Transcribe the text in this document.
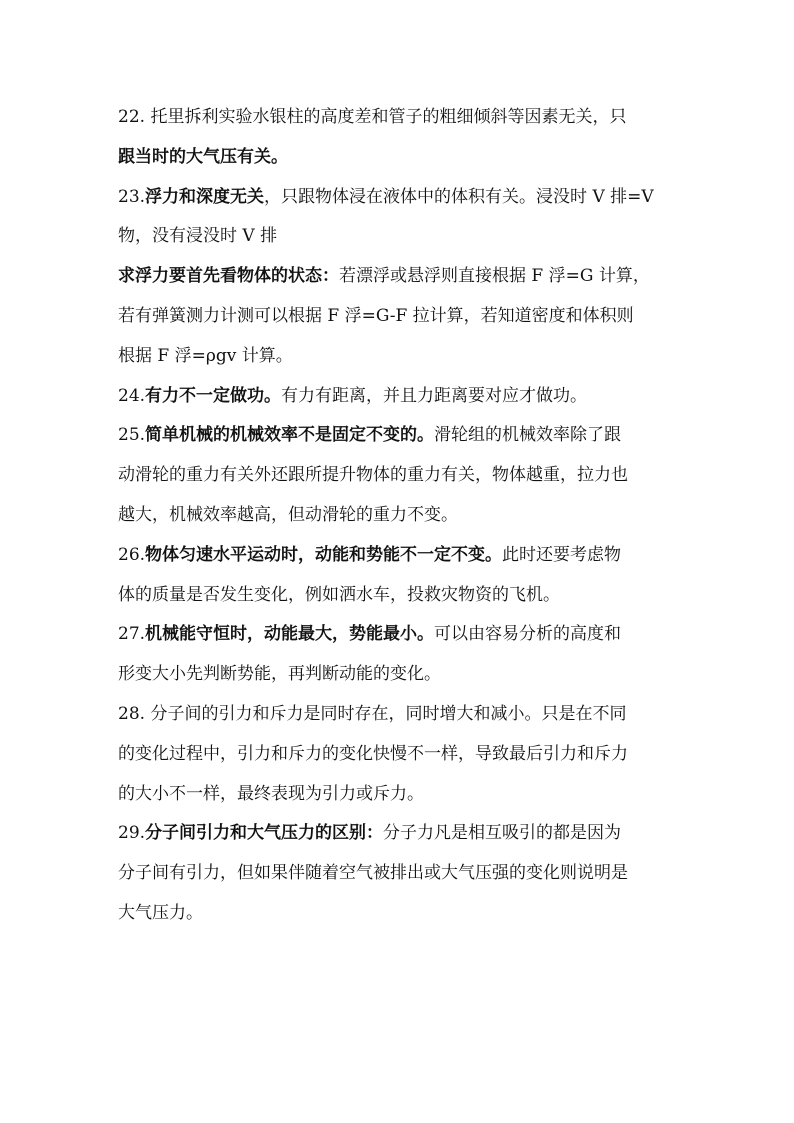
22. 托里拆利实验水银柱的高度差和管子的粗细倾斜等因素无关，只
跟当时的大气压有关。
23.浮力和深度无关，只跟物体浸在液体中的体积有关。浸没时 V 排=V
物，没有浸没时 V 排
求浮力要首先看物体的状态：若漂浮或悬浮则直接根据 F 浮=G 计算，
若有弹簧测力计测可以根据 F 浮=G-F 拉计算，若知道密度和体积则
根据 F 浮=ρgv 计算。
24.有力不一定做功。有力有距离，并且力距离要对应才做功。
25.简单机械的机械效率不是固定不变的。滑轮组的机械效率除了跟
动滑轮的重力有关外还跟所提升物体的重力有关，物体越重，拉力也
越大，机械效率越高，但动滑轮的重力不变。
26.物体匀速水平运动时，动能和势能不一定不变。此时还要考虑物
体的质量是否发生变化，例如洒水车，投救灾物资的飞机。
27.机械能守恒时，动能最大，势能最小。可以由容易分析的高度和
形变大小先判断势能，再判断动能的变化。
28. 分子间的引力和斥力是同时存在，同时增大和减小。只是在不同
的变化过程中，引力和斥力的变化快慢不一样，导致最后引力和斥力
的大小不一样，最终表现为引力或斥力。
29.分子间引力和大气压力的区别：分子力凡是相互吸引的都是因为
分子间有引力，但如果伴随着空气被排出或大气压强的变化则说明是
大气压力。
